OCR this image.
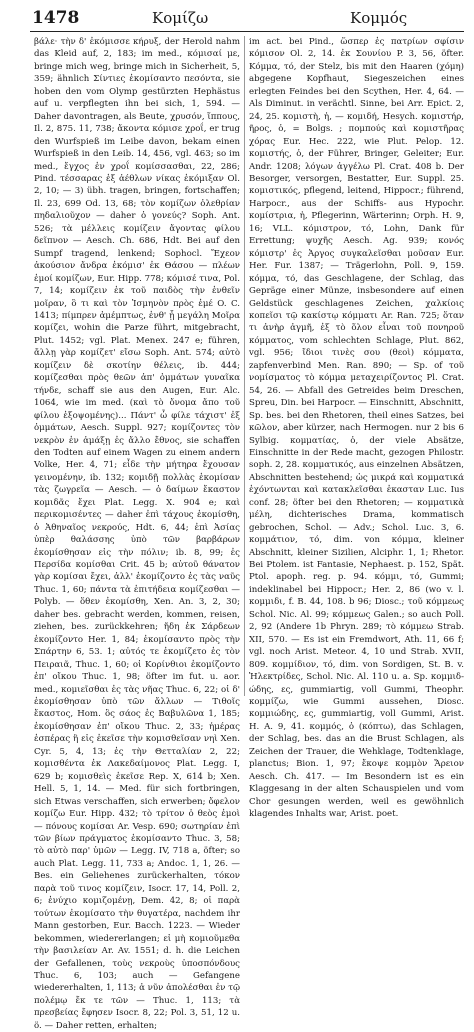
1478	Κομίζω	Κομμός

βάλε· τὴν δ' ἐκόμισσε κήρυξ, der Herold nahm das Kleid auf, 2, 183; im med., κόμισαί με, bringe mich weg, bringe mich in Sicherheit, 5, 359; ähnlich Σίντιες ἐκομίσαντο πεσόντα, sie hoben den vom Olymp gestürzten Hephästus auf u. verpflegten ihn bei sich, 1, 594. — Daher davontragen, als Beute, χρυσόν, ἵππους, Il. 2, 875. 11, 738; ἄκοντα κόμισε χροΐ, er trug den Wurfspieß im Leibe davon, bekam einen Wurfspieß in den Leib. 14, 456, vgl. 463; so im med., ἔγχος ἐν χροΐ κομίσσασθαι, 22, 286; Pind. τέσσαρας ἐξ ἀέθλων νίκας ἐκόμιξαν Ol. 2, 10; — 3) übh. tragen, bringen, fortschaffen; Il. 23, 699 Od. 13, 68; τὸν κομίζων ὀλεθρίαν πηδαλιοῦχον — daher ὁ γονεύς? Soph. Ant. 526; τὰ μέλλεις κομίζειν ἄγοντας φίλου δεῖπνον — Aesch. Ch. 686, Hdt. Bei auf den Sumpf tragend, lenkend; Sophocl. Ἔχεον ἀκούσιον ἄνδρα ἐκόμισ' ἐκ Θάσου — πλέων ἐμοί κομίζων, Eur. Hipp. 778; κόμισέ τινα, Pol. 7, 14; κομίζειν ἐκ τοῦ παιδὸς τὴν ἐνθεῖν μοῖραν, ὃ τι καὶ τὸν Ἰσμηνὸν πρὸς ἐμέ O. C. 1413; πίμπρεν ἀμέμπτως, ἐνθ' ᾗ μεγάλη Μοῖρα κομίζει, wohin die Parze führt, mitgebracht, Plut. 1452; vgl. Plat. Menex. 247 e; führen, ἄλλῃ γὰρ κομίζετ' εἴσω Soph. Ant. 574; αὐτὸ κομίζειν δὲ σκοτίην θέλεις, ib. 444; κομίζεσθαι πρὸς θεῶν ἀπ' ὀμμάτων γυναῖκα τήνδε, schaff sie aus den Augen, Eur. Alc. 1064, wie im med. (καὶ τὸ ὄνομα ἄπο τοῦ φίλου ἐξοψομένης)... Πάντ' ὦ φίλε τάχιστ' ἐξ ὀμμάτων, Aesch. Suppl. 927; κομίζοντες τὸν νεκρὸν ἐν ἁμάξῃ ἐς ἄλλο ἔθνος, sie schaffen den Todten auf einem Wagen zu einem andern Volke, Her. 4, 71; εἶδε τὴν μήτηρα ἔχουσαν γεινομένην, ib. 132; κομιδῇ πολλὰς ἐκομίσαν τὰς ζωγρεῖα — Aesch. — ὁ δαίμων ἔκαστον κομιδᾶς ἔχει Plat. Legg. X. 904 e; καὶ περικομισέντες — daher ἐπὶ τάχους ἐκομίσθη, ὁ Ἀθηναῖος νεκρούς, Hdt. 6, 44; ἐπὶ Ἀσίας ὑπὲρ θαλάσσης ὑπὸ τῶν βαρβάρων ἐκομίσθησαν εἰς τὴν πόλιν; ib. 8, 99; ἐς Περσίδα κομίσθαι Crit. 45 b; αὐτοῦ θάνατον γὰρ κομίσαι ἔχει, ἀλλ' ἐκομίζοντο ἐς τὰς ναῦς Thuc. 1, 60; πάντα τὰ ἐπιτήδεια κομίζεσθαι — Polyb. — ὅθεν ἐκομίσθη, Xen. An. 3, 2, 30; daher bes. gebracht werden, kommen, reisen, ziehen, bes. zurückkehren; ἤδη ἐκ Σάρδεων ἐκομίζοντο Her. 1, 84; ἐκομίσαντο πρὸς τὴν Σπάρτην 6, 53. 1; αὐτός τε ἐκομίζετο ἐς τὸν Πειραιᾶ, Thuc. 1, 60; οἱ Κορίνθιοι ἐκομίζοντο ἐπ' οἴκου Thuc. 1, 98; öfter im fut. u. aor. med., κομιεῖσθαι ἐς τὰς νῆας Thuc. 6, 22; οἱ δ' ἐκομίσθησαν ὑπὸ τῶν ἄλλων — Τιθοῖς ἔκαστος, Hom. ὃς σάος ἐς Βαβυλῶνα 1, 185; ἐκομίσθησαν ἐπ' οἴκου Thuc. 2, 33; ἡμέρας ἐσπέρας ἢ εἰς ἐκεῖσε τὴν κομισθεῖσαν νηὶ Xen. Cyr. 5, 4, 13; ἐς τὴν Θετταλίαν 2, 22; κομισθέντα ἐκ Λακεδαίμονος Plat. Legg. I, 629 b; κομισθεὶς ἐκεῖσε Rep. X, 614 b; Xen. Hell. 5, 1, 14. — Med. für sich fortbringen, sich Etwas verschaffen, sich erwerben; ὄφελον κομίζω Eur. Hipp. 432; τὸ τρίτον ὁ θεὸς ἐμοὶ — πόνους κομίσαι Ar. Vesp. 690; σωτηρίαν ἐπὶ τῶν βίων πράγματος ἐκομίσαντο Thuc. 3, 58; τὸ αὐτὸ παρ' ὑμῶν — Legg. IV, 718 a, öfter; so auch Plat. Legg. 11, 733 a; Andoc. 1, 1, 26. — Bes. ein Geliehenes zurückerhalten, τόκον παρὰ τοῦ τινος κομίζειν, Isocr. 17, 14, Poll. 2, 6; ἐνύχιο κομιζομένῃ, Dem. 42, 8; οἱ παρὰ τούτων ἐκομίσατο τὴν θυγατέρα, nachdem ihr Mann gestorben, Eur. Bacch. 1223. — Wieder bekommen, wiedererlangen; εἰ μὴ κομιοῦμεθα τὴν βασιλείαν Ar. Av. 1551; d. h. die Leichen der Gefallenen, τοὺς νεκροὺς ὑποσπόνδους Thuc. 6, 103; auch — Gefangene wiedererhalten, 1, 113; ἀ νῦν ἀπολέσθαι ἐν τῷ πολέμῳ ἔκ τε τῶν — Thuc. 1, 113; τὰ πρεσβείας ἔφησεν Isocr. 8, 22; Pol. 3, 51, 12 u. ö. — Daher retten, erhalten;

im act. bei Pind., ὥσπερ ἐς πατρίων σφίσιν κόμισον Ol. 2, 14. ἐκ Σουνίου P. 3, 56, öfter. Κόμμα, τό, der Stelz, bis mit den Haaren (χόμη) abgegene Kopfhaut, Siegeszeichen eines erlegten Feindes bei den Scythen, Her. 4, 64. — Als Diminut. in verächtl. Sinne, bei Arr. Epict. 2, 24, 25. κομιστὴ, ἡ, — κομιδή, Hesych. κομιστήρ, ῆρος, ὁ, = Bolgs. ; πομπούς καὶ κομιστῆρας χόρας Eur. Hec. 222, wie Plut. Pelop. 12. κομιστής, ὁ, der Führer, Bringer, Geleiter; Eur. Andr. 1208; λόγων ἀγγέλω Pl. Crat. 408 b. Der Besorger, versorgen, Bestatter, Eur. Suppl. 25. κομιστικός, pflegend, leitend, Hippocr.; führend, Harpocr., aus der Schiffs- aus Hypochr. κομίστρια, ἡ, Pflegerinn, Wärterinn; Orph. H. 9, 16; VLL. κόμιστρον, τό, Lohn, Dank für Errettung; ψυχῆς Aesch. Ag. 939; κονός κόμιστρ' ἐς Ἀργος συγκαλεῖσθαι μοῦσαν Eur. Her. Fur. 1387; — Trägerlohn, Poll. 9, 159. κόμμα, τό, das Geschlagene, der Schlag, das Gepräge einer Münze, insbesondere auf einen Geldstück geschlagenes Zeichen, χαλκίοις κοπεῖσι τῷ κακίστῳ κόμματι Ar. Ran. 725; ὅταν τι ἀνὴρ ἀγμῆ, ἐξ τὸ ὅλον εἶναι τοῦ πονηροῦ κόμματος, vom schlechten Schlage, Plut. 862, vgl. 956; ἴδιοι τινὲς σου (θεοὶ) κόμματα, zapfenverbind Men. Ran. 890; — Sp. of τοῦ νομίσματος τὸ κόμμα μεταχειρίζοντος Pl. Crat. 54, 26. — Abfall des Getreides beim Dreschen, Spreu, Din. bei Harpocr. — Einschnitt, Abschnitt, Sp. bes. bei den Rhetoren, theil eines Satzes, bei κῶλον, aber kürzer, nach Hermogen. nur 2 bis 6 Sylbig. κομματίας, ὁ, der viele Absätze, Einschnitte in der Rede macht, gezogen Philostr. soph. 2, 28. κομματικός, aus einzelnen Absätzen, Abschnitten bestehend; ὡς μικρά καὶ κομματικά ἐχόντωνται καὶ κατακλεῖσθαι ἐκασταν Luc. Ius conf. 28; öfter bei den Rhetoren; — κομματικὰ μέλη, dichterisches Drama, kommatisch gebrochen, Schol. — Adv.; Schol. Luc. 3, 6. κομμάτιον, τό, dim. von κόμμα, kleiner Abschnitt, kleiner Sizilien, Alciphr. 1, 1; Rhetor. Bei Ptolem. ist Fantasie, Nephaest. p. 152, Spät. Ptol. apoph. reg. p. 94. κόμμι, τό, Gummi; indeklinabel bei Hippocr.; Her. 2, 86 (wo v. l. κομμιδι, f. B. 44, 108. b 96; Diosc.; τοῦ κόμμεως Schol. Nic. Al. 99; κόμμεως Galen.; so auch Poll. 2, 92 (Andere 1b Phryn. 289; τὸ κόμμεω Strab. XII, 570. — Es ist ein Fremdwort, Ath. 11, 66 f; vgl. noch Arist. Meteor. 4, 10 und Strab. XVII, 809. κομμίδιον, τό, dim. von Sordigen, St. B. v. Ἠλεκτρίδες, Schol. Nic. Al. 110 u. a. Sp. κομμιδ-ώδης, ες, gummiartig, voll Gummi, Theophr. κομμίζω, wie Gummi aussehen, Diosc. κομμιώδης, ες, gummiartig, voll Gummi, Arist. H. A. 9, 41. κομμός, ὁ (κόπτω), das Schlagen, der Schlag, bes. das an die Brust Schlagen, als Zeichen der Trauer, die Wehklage, Todtenklage, planctus; Bion. 1, 97; ἔκοψε κομμὸν Ἄρειον Aesch. Ch. 417. — Im Besondern ist es ein Klaggesang in der alten Schauspielen und vom Chor gesungen werden, weil es gewöhnlich klagendes Inhalts war, Arist. poet.
